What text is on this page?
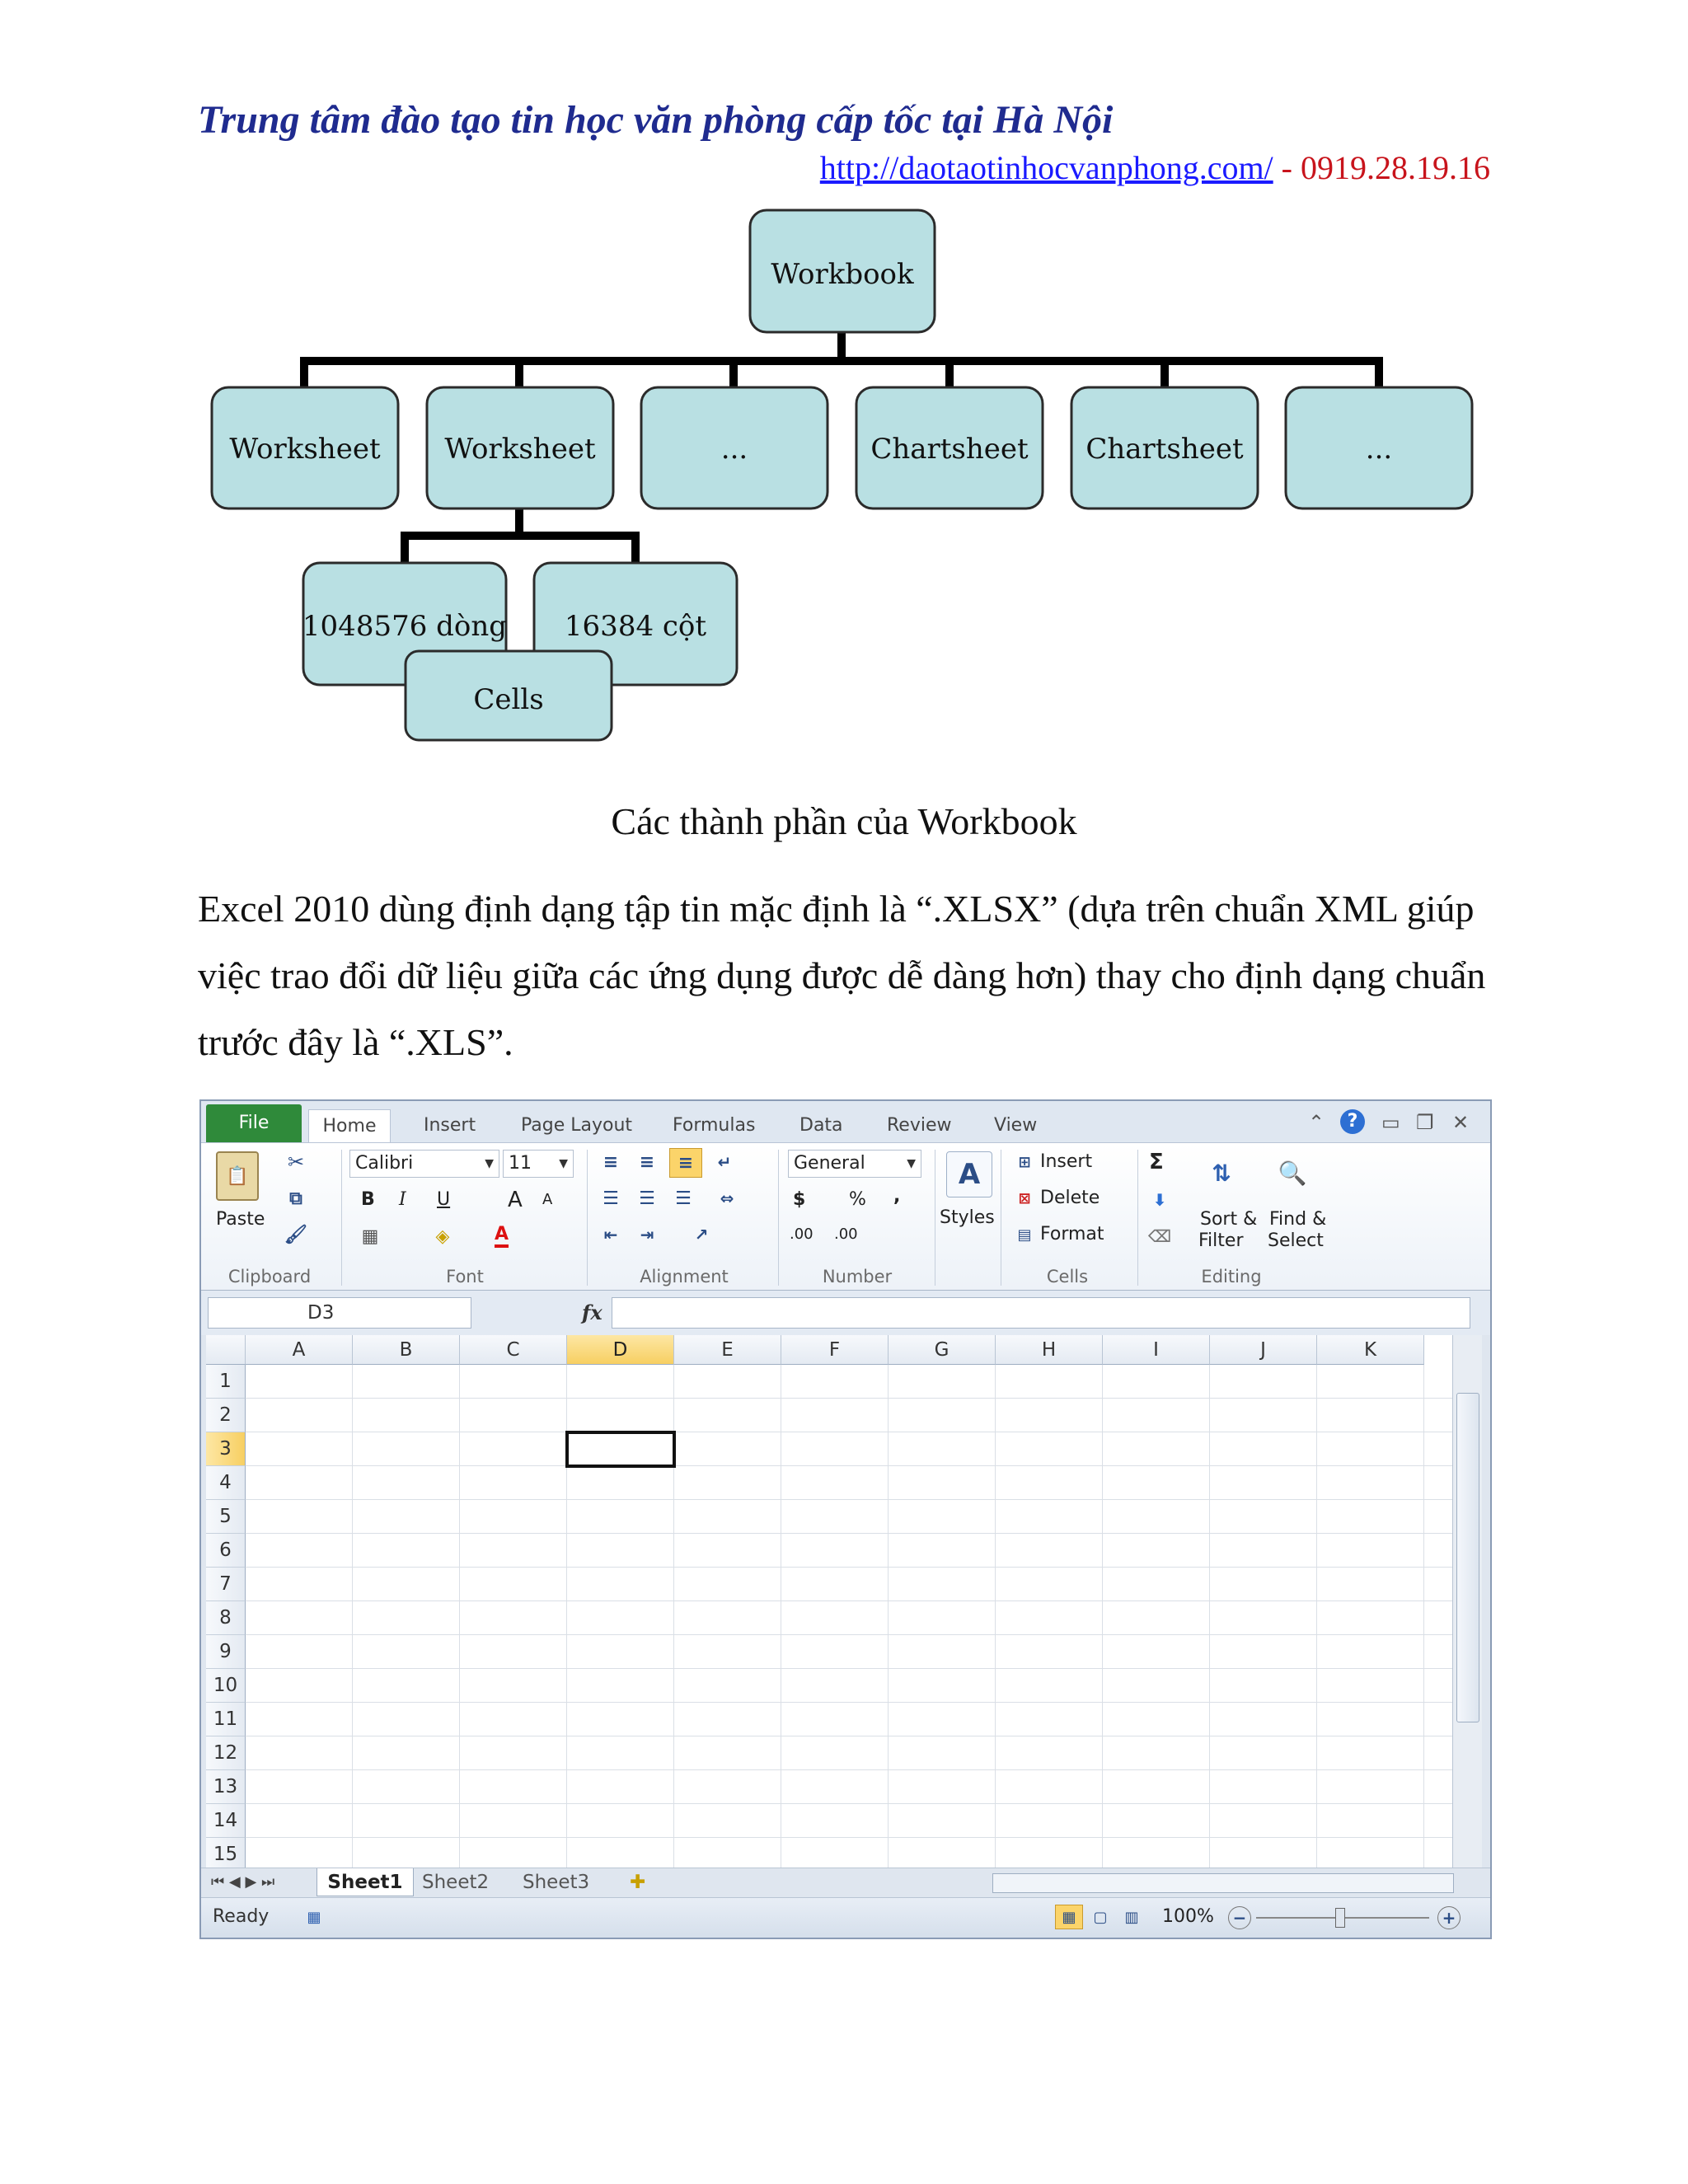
Trung tâm đào tạo tin học văn phòng cấp tốc tại Hà Nội
http://daotaotinhocvanphong.com/ - 0919.28.19.16
Workbook
Worksheet Worksheet	...	Chartsheet Chartsheet	...
1048576 dòng 16384 cột
Cells
Các thành phần của Workbook
Excel 2010 dùng định dạng tập tin mặc định là “.XLSX” (dựa trên chuẩn XML giúp việc trao đổi dữ liệu giữa các ứng dụng được dễ dàng hơn) thay cho định dạng chuẩn trước đây là “.XLS”.
File	Home	Insert Page Layout Formulas Data Review View	⌃	?	▭ ❐ ✕
📋
Paste
✂
⧉
🖌
Clipboard
Calibri	▼ 11 ▼
B I U	A A
▦	◈ A
Font
≡	≡	≡	↵
☰	☰	☰	⇔
⇤	⇥	↗
Alignment
General	▼
$ % ,
.00 .00
Number
A
Styles
⊞ Insert
⊠ Delete
▤ Format
Cells
Σ
⬇
⌫
⇅
Sort &
Filter
🔍
Find &
Select
Editing
D3	fx
A	B	C	D	E	F	G	H	I	J	K
1
2
3
4
5
6
7
8
9
10
11
12
13
14
15
⏮ ◀ ▶ ⏭	Sheet1	Sheet2 Sheet3 ✚
Ready	▦	▦	▢	▥	100% −	+
